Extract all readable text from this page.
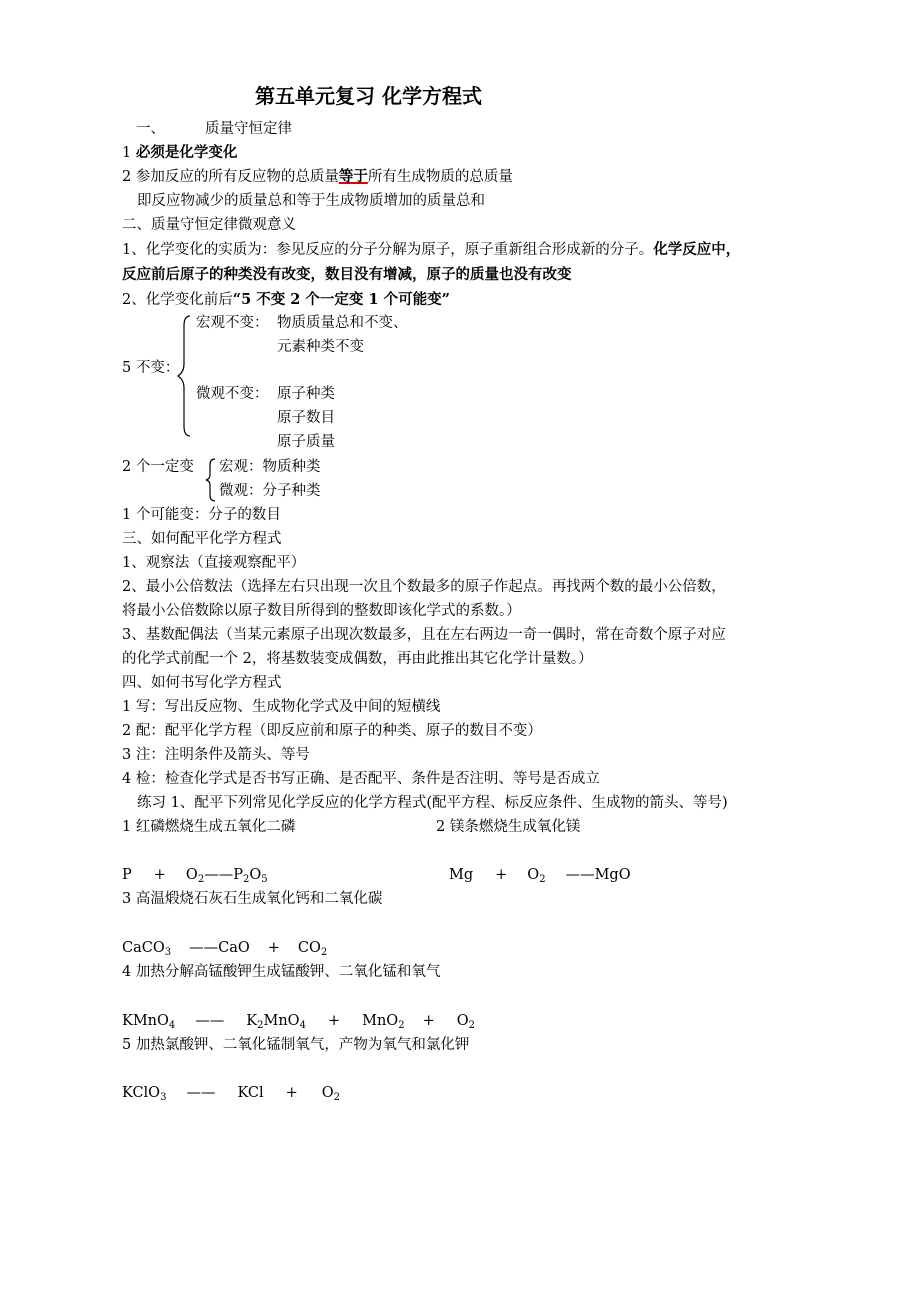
第五单元复习 化学方程式
一、	质量守恒定律
1 必须是化学变化
2 参加反应的所有反应物的总质量等于所有生成物质的总质量
即反应物减少的质量总和等于生成物质增加的质量总和
二、质量守恒定律微观意义
1、化学变化的实质为：参见反应的分子分解为原子，原子重新组合形成新的分子。化学反应中，
反应前后原子的种类没有改变，数目没有增减，原子的质量也没有改变
2、化学变化前后“5 不变 2 个一定变 1 个可能变”
5 不变：
宏观不变： 物质质量总和不变、
元素种类不变
微观不变： 原子种类
原子数目
原子质量
2 个一定变 宏观：物质种类
微观：分子种类
1 个可能变：分子的数目
三、如何配平化学方程式
1、观察法（直接观察配平）
2、最小公倍数法（选择左右只出现一次且个数最多的原子作起点。再找两个数的最小公倍数，
将最小公倍数除以原子数目所得到的整数即该化学式的系数。）
3、基数配偶法（当某元素原子出现次数最多，且在左右两边一奇一偶时，常在奇数个原子对应
的化学式前配一个 2，将基数装变成偶数，再由此推出其它化学计量数。）
四、如何书写化学方程式
1 写：写出反应物、生成物化学式及中间的短横线
2 配：配平化学方程（即反应前和原子的种类、原子的数目不变）
3 注：注明条件及箭头、等号
4 检：检查化学式是否书写正确、是否配平、条件是否注明、等号是否成立
练习 1、配平下列常见化学反应的化学方程式(配平方程、标反应条件、生成物的箭头、等号)
1 红磷燃烧生成五氧化二磷	2 镁条燃烧生成氧化镁
$P + O_2——P_2O_5$	$Mg + O_2$ ——MgO
3 高温煅烧石灰石生成氧化钙和二氧化碳
CaCO$_3$ ——CaO + $CO_2$
4 加热分解高锰酸钾生成锰酸钾、二氧化锰和氧气
KMnO$_4$ —— $K_2MnO_4 + MnO_2 + O_2$
5 加热氯酸钾、二氧化锰制氧气，产物为氧气和氯化钾
KClO$_3$ —— KCl + $O_2$
